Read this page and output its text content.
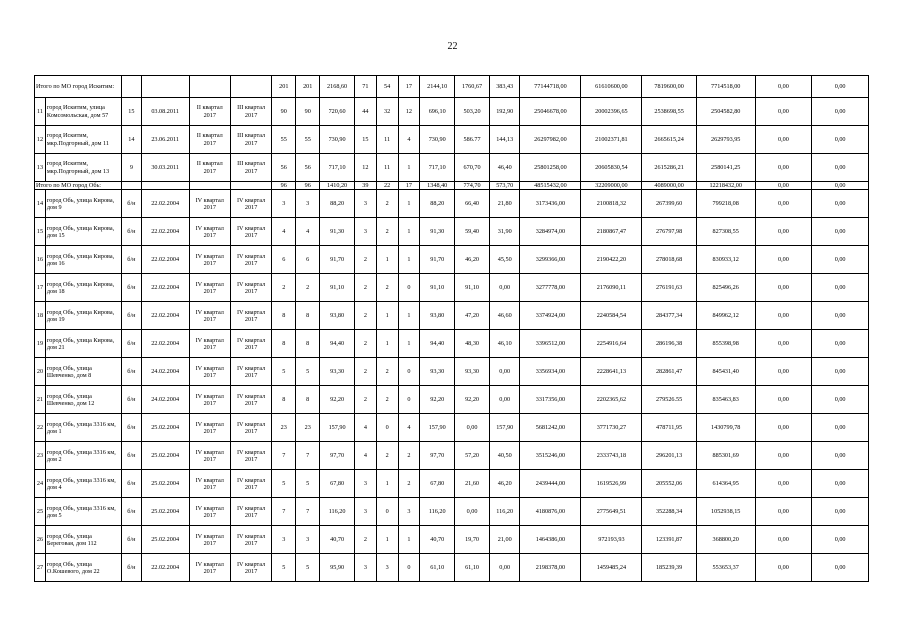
22
Итого по МО город Искитим:						201	201	2168,60	71	54	17	2144,10	1760,67	383,43	77144718,00	61610600,00	7819600,00	7714518,00	0,00	0,00
11	город Искитим, улица Комсомольская, дом 57	15	03.08.2011	II квартал 2017	III квартал 2017	90	90	720,60	44	32	12	696,10	503,20	192,90	25046678,00	20002396,65	2538698,55	2504582,80	0,00	0,00
12	город Искитим, мкр.Подгорный, дом 11	14	23.06.2011	II квартал 2017	III квартал 2017	55	55	730,90	15	11	4	730,90	586.77	144,13	26297982,00	21002371,81	2665615,24	2629793,95	0,00	0,00
13	город Искитим, мкр.Подгорный, дом 13	9	30.03.2011	II квартал 2017	III квартал 2017	56	56	717,10	12	11	1	717,10	670,70	46,40	25801258,00	20605830,54	2615286,21	2580141,25	0,00	0,00
Итого по МО город Обь:						96	96	1410,20	39	22	17	1348,40	774,70	573,70	48515432,00	32209000,00	4089000,00	12218432,00	0,00	0,00
14	город Обь, улица Кирова, дом 9	б/н	22.02.2004	IV квартал 2017	IV квартал 2017	3	3	88,20	3	2	1	88,20	66,40	21,80	3173436,00	2100818,32	267399,60	799218,08	0,00	0,00
15	город Обь, улица Кирова, дом 15	б/н	22.02.2004	IV квартал 2017	IV квартал 2017	4	4	91,30	3	2	1	91,30	59,40	31,90	3284974,00	2180867,47	276797,98	827308,55	0,00	0,00
16	город Обь, улица Кирова, дом 16	б/н	22.02.2004	IV квартал 2017	IV квартал 2017	6	6	91,70	2	1	1	91,70	46,20	45,50	3299366,00	2190422,20	278018,68	830933,12	0,00	0,00
17	город Обь, улица Кирова, дом 18	б/н	22.02.2004	IV квартал 2017	IV квартал 2017	2	2	91,10	2	2	0	91,10	91,10	0,00	3277778,00	2176090,11	276191,63	825496,26	0,00	0,00
18	город Обь, улица Кирова, дом 19	б/н	22.02.2004	IV квартал 2017	IV квартал 2017	8	8	93,80	2	1	1	93,80	47,20	46,60	3374924,00	2240584,54	284377,34	849962,12	0,00	0,00
19	город Обь, улица Кирова, дом 21	б/н	22.02.2004	IV квартал 2017	IV квартал 2017	8	8	94,40	2	1	1	94,40	48,30	46,10	3396512,00	2254916,64	286196,38	855398,98	0,00	0,00
20	город Обь, улица Шевченко, дом 8	б/н	24.02.2004	IV квартал 2017	IV квартал 2017	5	5	93,30	2	2	0	93,30	93,30	0,00	3356934,00	2228641,13	282861,47	845431,40	0,00	0,00
21	город Обь, улица Шевченко, дом 12	б/н	24.02.2004	IV квартал 2017	IV квартал 2017	8	8	92,20	2	2	0	92,20	92,20	0,00	3317356,00	2202365,62	279526.55	835463,83	0,00	0,00
22	город Обь, улица 3316 км, дом 1	б/н	25.02.2004	IV квартал 2017	IV квартал 2017	23	23	157,90	4	0	4	157,90	0,00	157,90	5681242,00	3771730,27	478711,95	1430799,78	0,00	0,00
23	город Обь, улица 3316 км, дом 2	б/н	25.02.2004	IV квартал 2017	IV квартал 2017	7	7	97,70	4	2	2	97,70	57,20	40,50	3515246,00	2333743,18	296201,13	885301,69	0,00	0,00
24	город Обь, улица 3316 км, дом 4	б/н	25.02.2004	IV квартал 2017	IV квартал 2017	5	5	67,80	3	1	2	67,80	21,60	46,20	2439444,00	1619526,99	205552,06	614364,95	0,00	0,00
25	город Обь, улица 3316 км, дом 5	б/н	25.02.2004	IV квартал 2017	IV квартал 2017	7	7	116,20	3	0	3	116,20	0,00	116,20	4180876,00	2775649,51	352288,34	1052938,15	0,00	0,00
26	город Обь, улица Береговая, дом 112	б/н	25.02.2004	IV квартал 2017	IV квартал 2017	3	3	40,70	2	1	1	40,70	19,70	21,00	1464386,00	972193,93	123391,87	368800,20	0,00	0,00
27	город Обь, улица О.Кошевого, дом 22	б/н	22.02.2004	IV квартал 2017	IV квартал 2017	5	5	95,90	3	3	0	61,10	61,10	0,00	2198378,00	1459485,24	185239,39	553653,37	0,00	0,00
